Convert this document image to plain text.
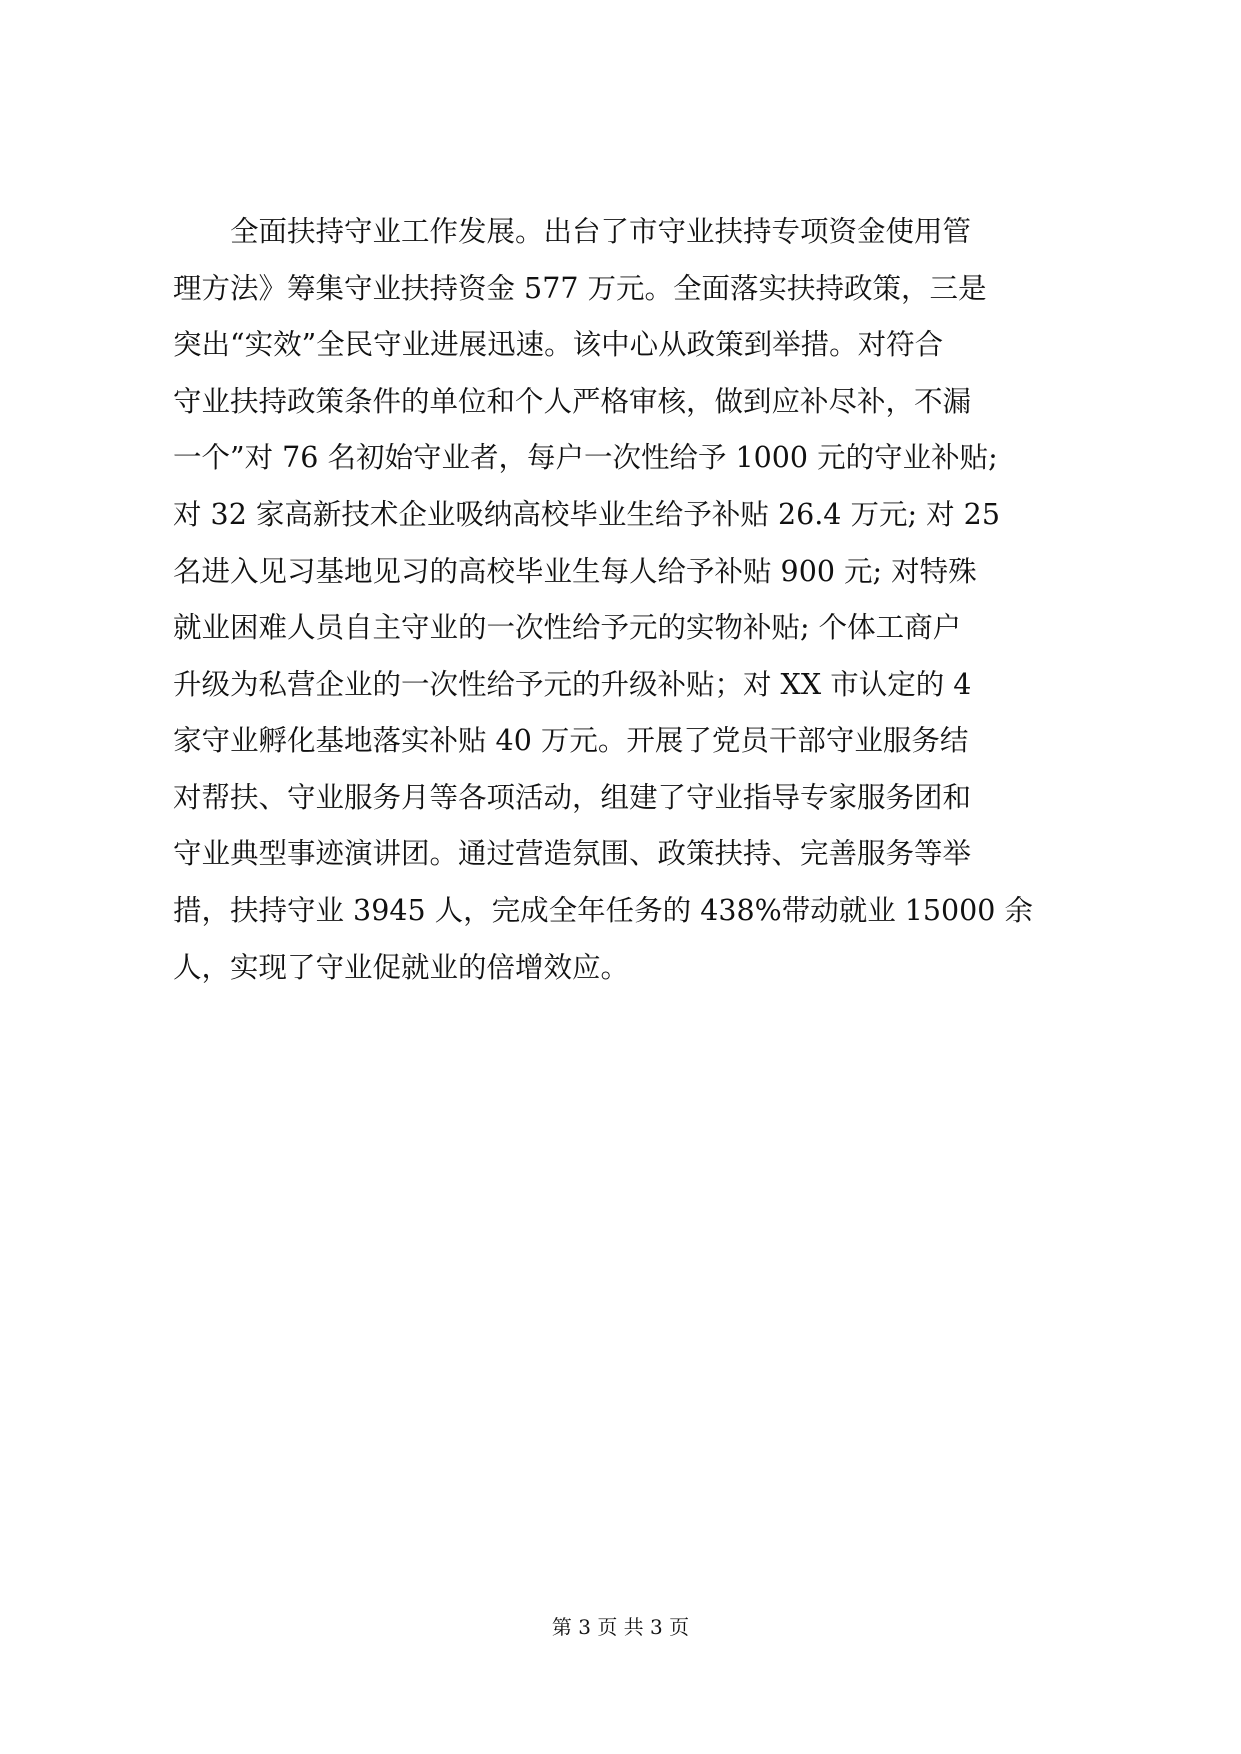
全面扶持守业工作发展。出台了市守业扶持专项资金使用管
理方法》筹集守业扶持资金 577 万元。全面落实扶持政策，三是
突出“实效”全民守业进展迅速。该中心从政策到举措。对符合
守业扶持政策条件的单位和个人严格审核，做到应补尽补，不漏
一个”对 76 名初始守业者，每户一次性给予 1000 元的守业补贴;
对 32 家高新技术企业吸纳高校毕业生给予补贴 26.4 万元; 对 25
名进入见习基地见习的高校毕业生每人给予补贴 900 元; 对特殊
就业困难人员自主守业的一次性给予元的实物补贴; 个体工商户
升级为私营企业的一次性给予元的升级补贴；对 XX 市认定的 4
家守业孵化基地落实补贴 40 万元。开展了党员干部守业服务结
对帮扶、守业服务月等各项活动，组建了守业指导专家服务团和
守业典型事迹演讲团。通过营造氛围、政策扶持、完善服务等举
措，扶持守业 3945 人，完成全年任务的 438%带动就业 15000 余
人，实现了守业促就业的倍增效应。
第 3 页 共 3 页
